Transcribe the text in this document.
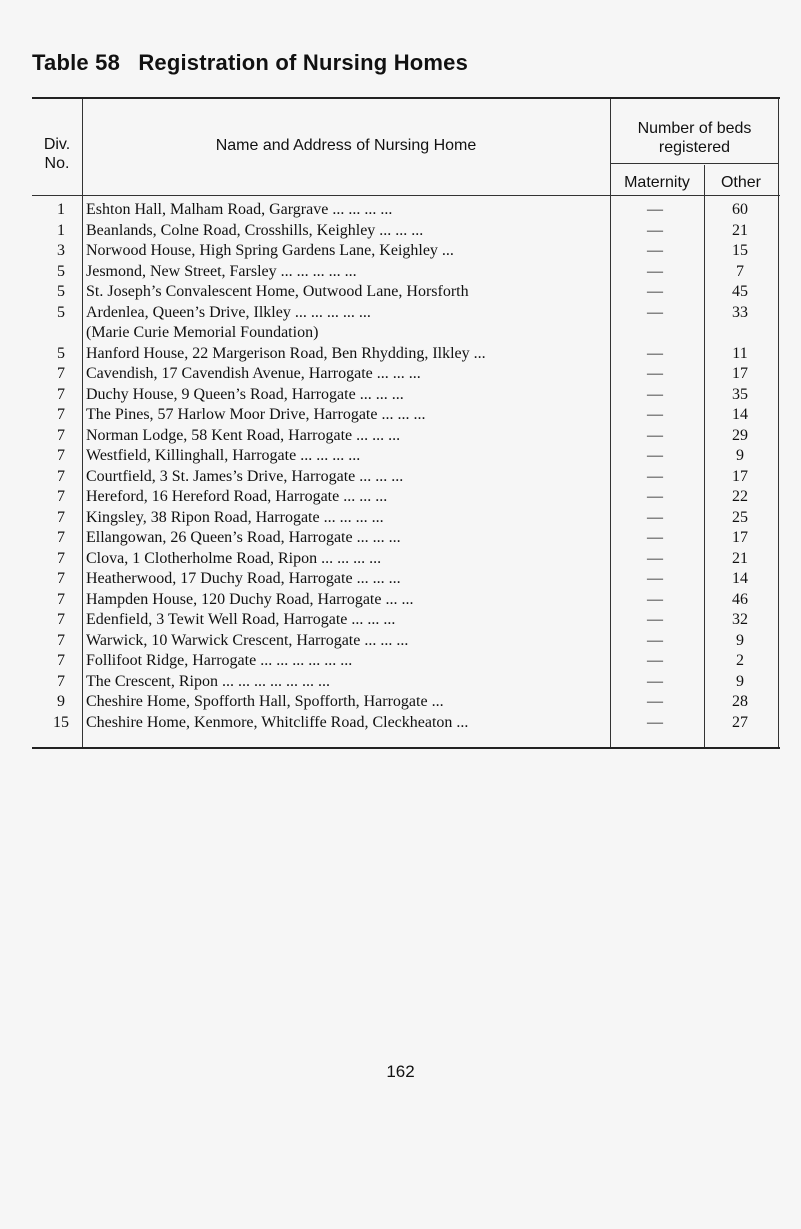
Table 58 Registration of Nursing Homes
Div. No.
Name and Address of Nursing Home
Number of beds registered
Maternity	Other
1	Eshton Hall, Malham Road, Gargrave ... ... ... ...	—	60
1	Beanlands, Colne Road, Crosshills, Keighley ... ... ...	—	21
3	Norwood House, High Spring Gardens Lane, Keighley ...	—	15
5	Jesmond, New Street, Farsley ... ... ... ... ...	—	7
5	St. Joseph’s Convalescent Home, Outwood Lane, Horsforth	—	45
5	Ardenlea, Queen’s Drive, Ilkley ... ... ... ... ...	—	33
(Marie Curie Memorial Foundation)
5	Hanford House, 22 Margerison Road, Ben Rhydding, Ilkley ...	—	11
7	Cavendish, 17 Cavendish Avenue, Harrogate ... ... ...	—	17
7	Duchy House, 9 Queen’s Road, Harrogate ... ... ...	—	35
7	The Pines, 57 Harlow Moor Drive, Harrogate ... ... ...	—	14
7	Norman Lodge, 58 Kent Road, Harrogate ... ... ...	—	29
7	Westfield, Killinghall, Harrogate ... ... ... ...	—	9
7	Courtfield, 3 St. James’s Drive, Harrogate ... ... ...	—	17
7	Hereford, 16 Hereford Road, Harrogate ... ... ...	—	22
7	Kingsley, 38 Ripon Road, Harrogate ... ... ... ...	—	25
7	Ellangowan, 26 Queen’s Road, Harrogate ... ... ...	—	17
7	Clova, 1 Clotherholme Road, Ripon ... ... ... ...	—	21
7	Heatherwood, 17 Duchy Road, Harrogate ... ... ...	—	14
7	Hampden House, 120 Duchy Road, Harrogate ... ...	—	46
7	Edenfield, 3 Tewit Well Road, Harrogate ... ... ...	—	32
7	Warwick, 10 Warwick Crescent, Harrogate ... ... ...	—	9
7	Follifoot Ridge, Harrogate ... ... ... ... ... ...	—	2
7	The Crescent, Ripon ... ... ... ... ... ... ...	—	9
9	Cheshire Home, Spofforth Hall, Spofforth, Harrogate ...	—	28
15	Cheshire Home, Kenmore, Whitcliffe Road, Cleckheaton ...	—	27
162
